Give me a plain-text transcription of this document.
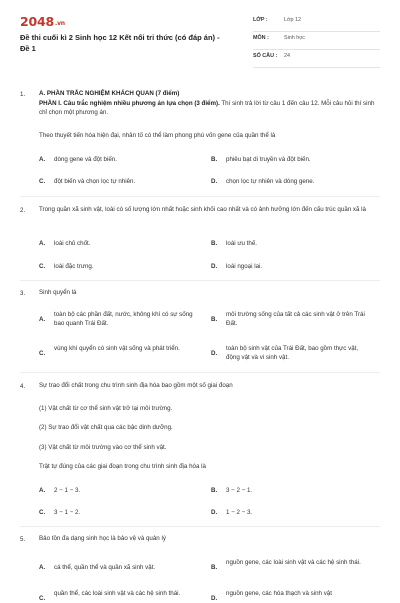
2048.vn
Đề thi cuối kì 2 Sinh học 12 Kết nối tri thức (có đáp án) - Đề 1
LỚP :	Lớp 12
MÔN :	Sinh học
SỐ CÂU : 24
1. A. PHẦN TRẮC NGHIỆM KHÁCH QUAN (7 điểm)
PHẦN I. Câu trắc nghiệm nhiều phương án lựa chọn (3 điểm). Thí sinh trả lời từ câu 1 đến câu 12. Mỗi câu hỏi thí sinh chỉ chọn một phương án.
Theo thuyết tiến hóa hiện đại, nhân tố có thể làm phong phú vốn gene của quần thể là
A. dòng gene và đột biến.	B. phiêu bạt di truyền và đột biến.
C. đột biến và chọn lọc tự nhiên.	D. chọn lọc tự nhiên và dòng gene.
2. Trong quần xã sinh vật, loài có số lượng lớn nhất hoặc sinh khối cao nhất và có ảnh hưởng lớn đến cấu trúc quần xã là
A. loài chủ chốt.	B. loài ưu thế.
C. loài đặc trưng.	D. loài ngoại lai.
3. Sinh quyển là
A.
toàn bộ các phần đất, nước, không khí có sự sống bao quanh Trái Đất.
B.
môi trường sống của tất cả các sinh vật ở trên Trái Đất.
C.
vùng khí quyển có sinh vật sống và phát triển.
D.
toàn bộ sinh vật của Trái Đất, bao gồm thực vật, động vật và vi sinh vật.
4. Sự trao đổi chất trong chu trình sinh địa hóa bao gồm một số giai đoạn
(1) Vật chất từ cơ thể sinh vật trở lại môi trường.
(2) Sự trao đổi vật chất qua các bậc dinh dưỡng.
(3) Vật chất từ môi trường vào cơ thể sinh vật.
Trật tự đúng của các giai đoạn trong chu trình sinh địa hóa là
A. 2 − 1 − 3.	B. 3 − 2 − 1.
C. 3 − 1 − 2.	D. 1 − 2 − 3.
5. Bảo tồn đa dạng sinh học là bảo vệ và quản lý
A. cá thể, quần thể và quần xã sinh vật.	B.
nguồn gene, các loài sinh vật và các hệ sinh thái.
C.
quần thể, các loài sinh vật và các hệ sinh thái.
D.
nguồn gene, các hóa thạch và sinh vật
